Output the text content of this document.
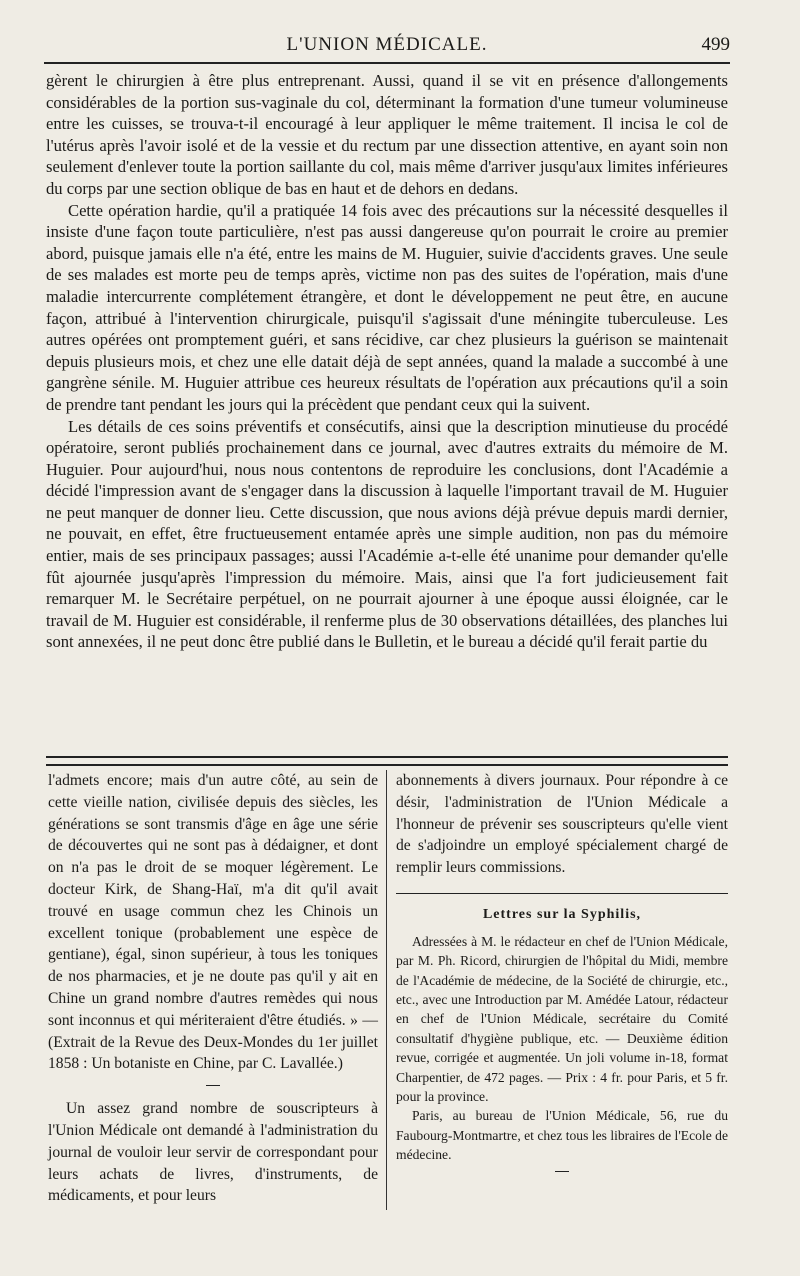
L'UNION MÉDICALE.	499

gèrent le chirurgien à être plus entreprenant. Aussi, quand il se vit en présence d'allongements considérables de la portion sus-vaginale du col, déterminant la formation d'une tumeur volumineuse entre les cuisses, se trouva-t-il encouragé à leur appliquer le même traitement. Il incisa le col de l'utérus après l'avoir isolé et de la vessie et du rectum par une dissection attentive, en ayant soin non seulement d'enlever toute la portion saillante du col, mais même d'arriver jusqu'aux limites inférieures du corps par une section oblique de bas en haut et de dehors en dedans.

Cette opération hardie, qu'il a pratiquée 14 fois avec des précautions sur la nécessité desquelles il insiste d'une façon toute particulière, n'est pas aussi dangereuse qu'on pourrait le croire au premier abord, puisque jamais elle n'a été, entre les mains de M. Huguier, suivie d'accidents graves. Une seule de ses malades est morte peu de temps après, victime non pas des suites de l'opération, mais d'une maladie intercurrente complétement étrangère, et dont le développement ne peut être, en aucune façon, attribué à l'intervention chirurgicale, puisqu'il s'agissait d'une méningite tuberculeuse. Les autres opérées ont promptement guéri, et sans récidive, car chez plusieurs la guérison se maintenait depuis plusieurs mois, et chez une elle datait déjà de sept années, quand la malade a succombé à une gangrène sénile. M. Huguier attribue ces heureux résultats de l'opération aux précautions qu'il a soin de prendre tant pendant les jours qui la précèdent que pendant ceux qui la suivent.

Les détails de ces soins préventifs et consécutifs, ainsi que la description minutieuse du procédé opératoire, seront publiés prochainement dans ce journal, avec d'autres extraits du mémoire de M. Huguier. Pour aujourd'hui, nous nous contentons de reproduire les conclusions, dont l'Académie a décidé l'impression avant de s'engager dans la discussion à laquelle l'important travail de M. Huguier ne peut manquer de donner lieu. Cette discussion, que nous avions déjà prévue depuis mardi dernier, ne pouvait, en effet, être fructueusement entamée après une simple audition, non pas du mémoire entier, mais de ses principaux passages; aussi l'Académie a-t-elle été unanime pour demander qu'elle fût ajournée jusqu'après l'impression du mémoire. Mais, ainsi que l'a fort judicieusement fait remarquer M. le Secrétaire perpétuel, on ne pourrait ajourner à une époque aussi éloignée, car le travail de M. Huguier est considérable, il renferme plus de 30 observations détaillées, des planches lui sont annexées, il ne peut donc être publié dans le Bulletin, et le bureau a décidé qu'il ferait partie du

l'admets encore; mais d'un autre côté, au sein de cette vieille nation, civilisée depuis des siècles, les générations se sont transmis d'âge en âge une série de découvertes qui ne sont pas à dédaigner, et dont on n'a pas le droit de se moquer légèrement. Le docteur Kirk, de Shang-Haï, m'a dit qu'il avait trouvé en usage commun chez les Chinois un excellent tonique (probablement une espèce de gentiane), égal, sinon supérieur, à tous les toniques de nos pharmacies, et je ne doute pas qu'il y ait en Chine un grand nombre d'autres remèdes qui nous sont inconnus et qui mériteraient d'être étudiés. » — (Extrait de la Revue des Deux-Mondes du 1er juillet 1858 : Un botaniste en Chine, par C. Lavallée.)

Un assez grand nombre de souscripteurs à l'Union Médicale ont demandé à l'administration du journal de vouloir leur servir de correspondant pour leurs achats de livres, d'instruments, de médicaments, et pour leurs

abonnements à divers journaux. Pour répondre à ce désir, l'administration de l'Union Médicale a l'honneur de prévenir ses souscripteurs qu'elle vient de s'adjoindre un employé spécialement chargé de remplir leurs commissions.

Lettres sur la Syphilis,

Adressées à M. le rédacteur en chef de l'Union Médicale, par M. Ph. Ricord, chirurgien de l'hôpital du Midi, membre de l'Académie de médecine, de la Société de chirurgie, etc., etc., avec une Introduction par M. Amédée Latour, rédacteur en chef de l'Union Médicale, secrétaire du Comité consultatif d'hygiène publique, etc. — Deuxième édition revue, corrigée et augmentée. Un joli volume in-18, format Charpentier, de 472 pages. — Prix : 4 fr. pour Paris, et 5 fr. pour la province.

Paris, au bureau de l'Union Médicale, 56, rue du Faubourg-Montmartre, et chez tous les libraires de l'Ecole de médecine.
